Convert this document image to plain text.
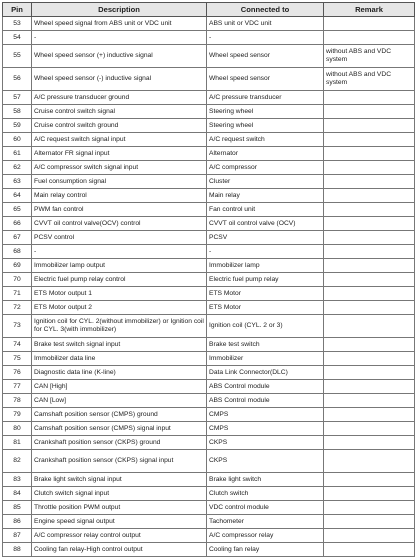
Pin	Description	Connected to	Remark
53	Wheel speed signal from ABS unit or VDC unit	ABS unit or VDC unit	
54	-	-	
55	Wheel speed sensor (+) inductive signal	Wheel speed sensor	without ABS and VDC system
56	Wheel speed sensor (-) inductive signal	Wheel speed sensor	without ABS and VDC system
57	A/C pressure transducer ground	A/C pressure transducer	
58	Cruise control switch signal	Steering wheel	
59	Cruise control switch ground	Steering wheel	
60	A/C request switch signal input	A/C request switch	
61	Alternator FR signal input	Alternator	
62	A/C compressor switch signal input	A/C compressor	
63	Fuel consumption signal	Cluster	
64	Main relay control	Main relay	
65	PWM fan control	Fan control unit	
66	CVVT oil control valve(OCV) control	CVVT oil control valve (OCV)	
67	PCSV control	PCSV	
68	-	-	
69	Immobilizer lamp output	Immobilizer lamp	
70	Electric fuel pump relay control	Electric fuel pump relay	
71	ETS Motor output 1	ETS Motor	
72	ETS Motor output 2	ETS Motor	
73	Ignition coil for CYL. 2(without immobilizer) or Ignition coil for CYL. 3(with immobilizer)	Ignition coil (CYL. 2 or 3)	
74	Brake test switch signal input	Brake test switch	
75	Immobilizer data line	Immobilizer	
76	Diagnostic data line (K-line)	Data Link Connector(DLC)	
77	CAN [High]	ABS Control module	
78	CAN [Low]	ABS Control module	
79	Camshaft position sensor (CMPS) ground	CMPS	
80	Camshaft position sensor (CMPS) signal input	CMPS	
81	Crankshaft position sensor (CKPS) ground	CKPS	
82	Crankshaft position sensor (CKPS) signal input	CKPS	
83	Brake light switch signal input	Brake light switch	
84	Clutch switch signal input	Clutch switch	
85	Throttle position PWM output	VDC control module	
86	Engine speed signal output	Tachometer	
87	A/C compressor relay control output	A/C compressor relay	
88	Cooling fan relay-High control output	Cooling fan relay	
